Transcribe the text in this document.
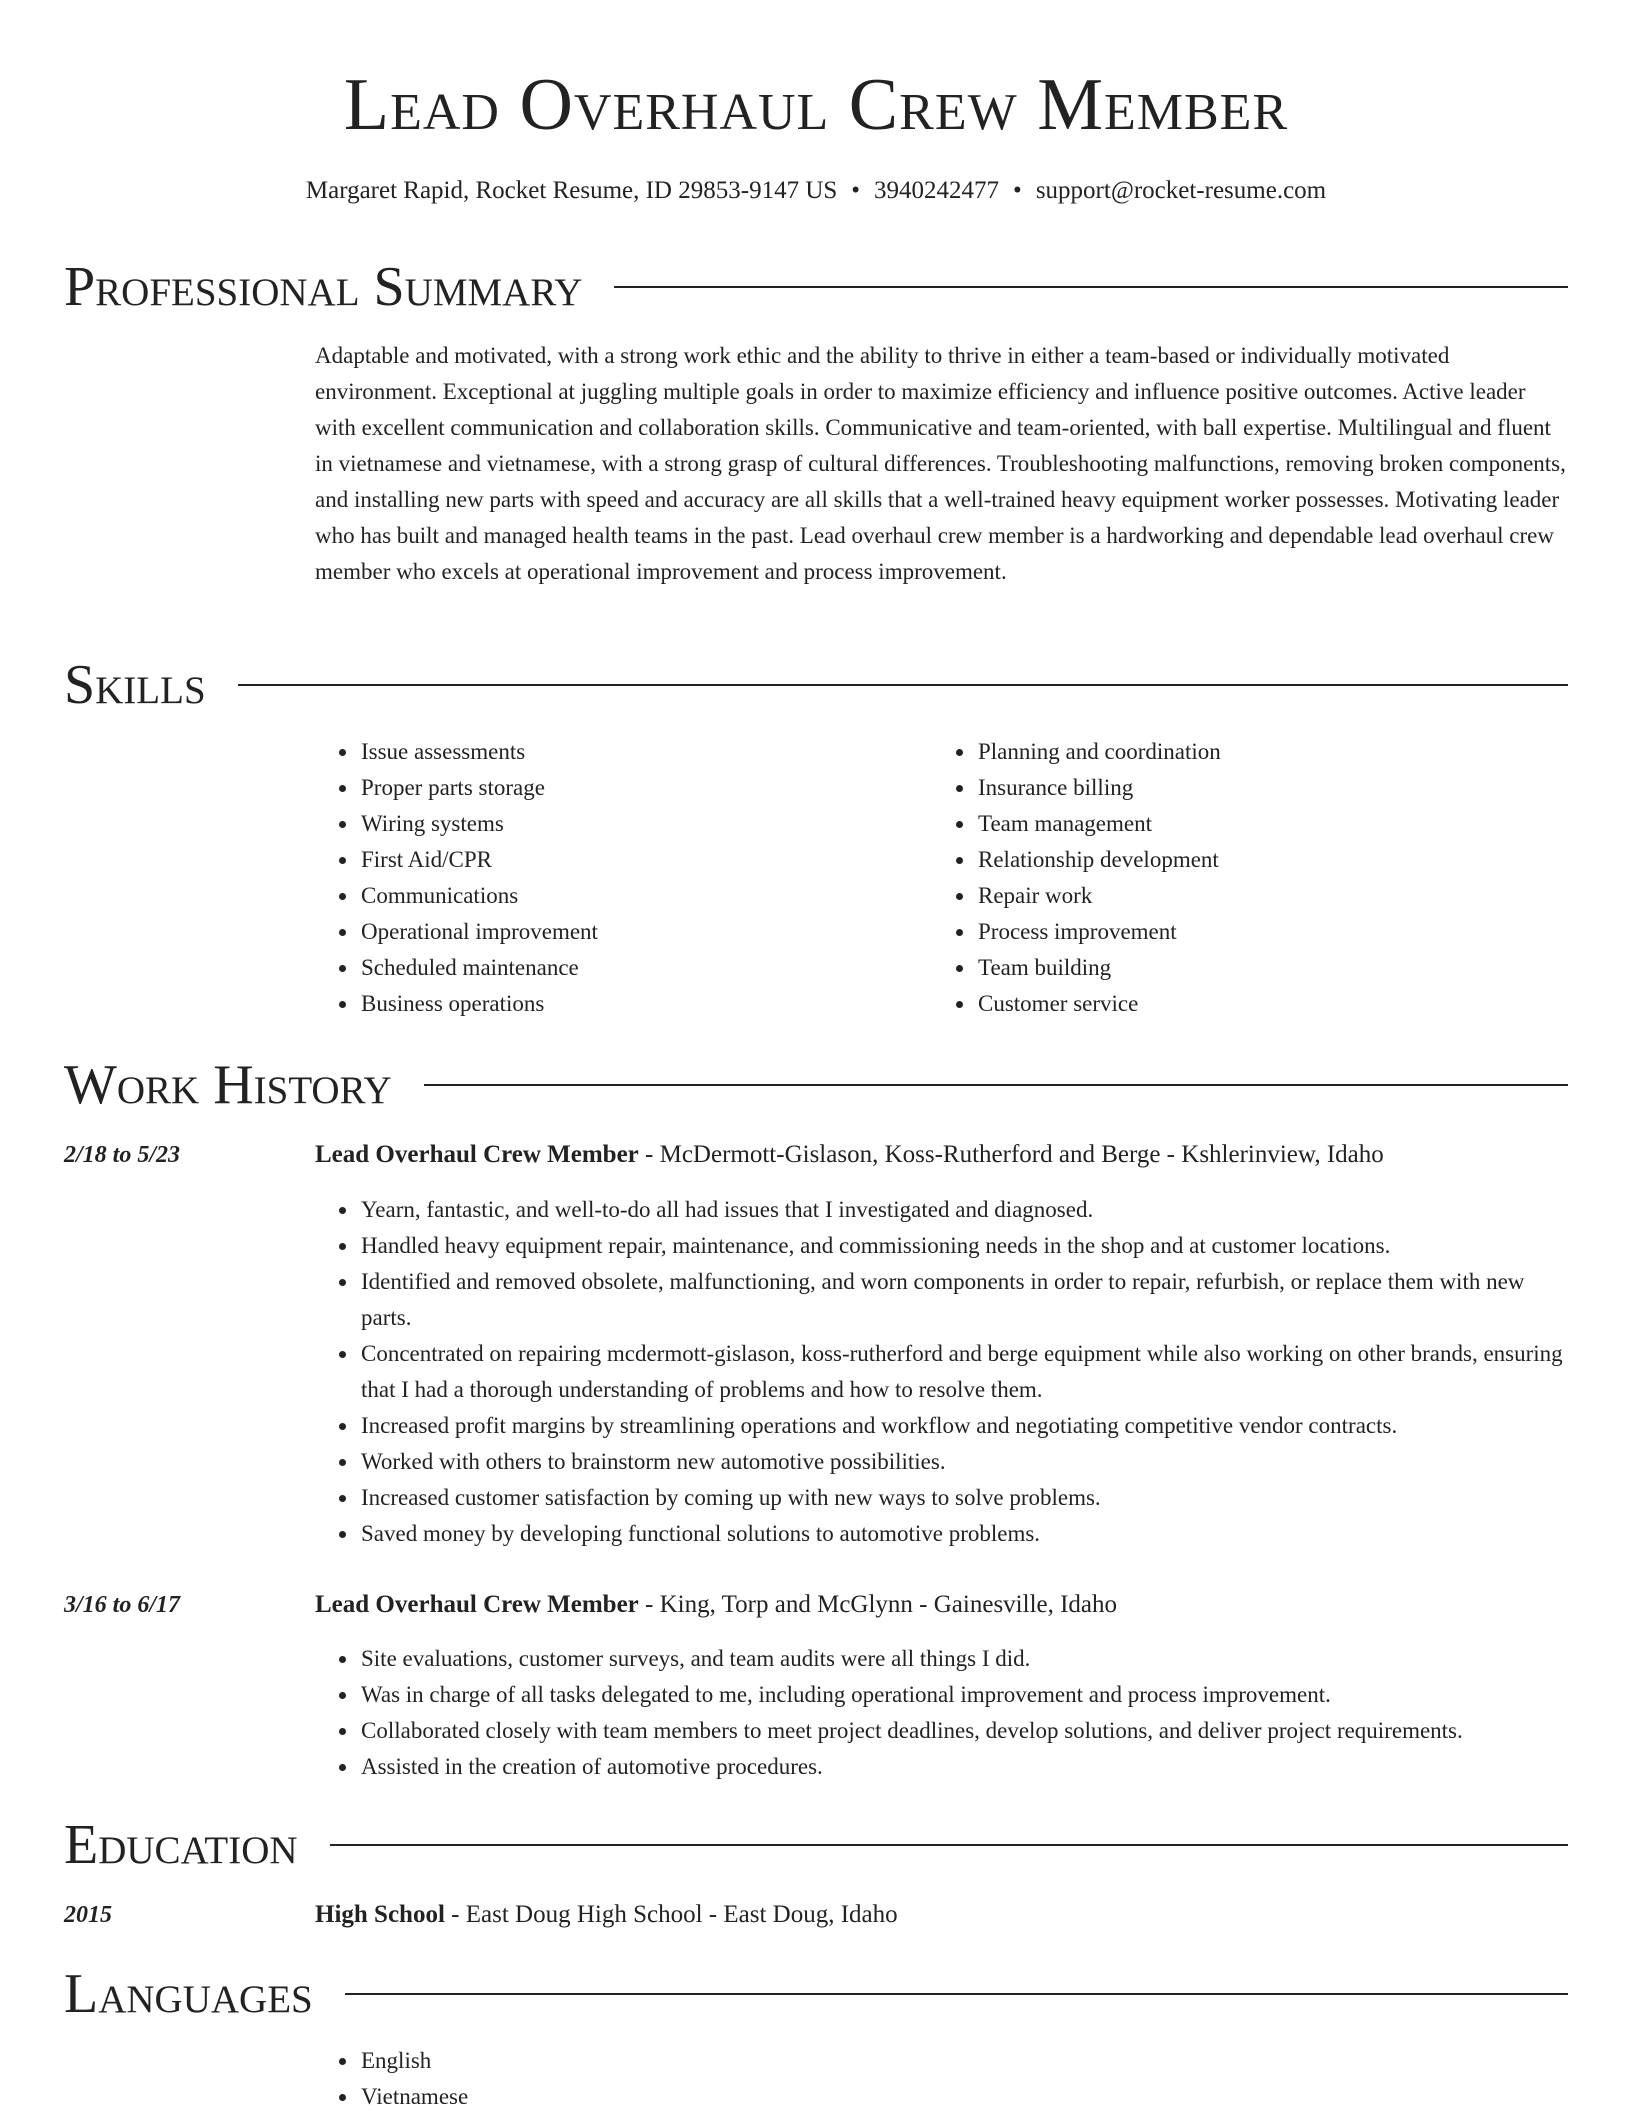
Lead Overhaul Crew Member
Margaret Rapid, Rocket Resume, ID 29853-9147 US • 3940242477 • support@rocket-resume.com
Professional Summary
Adaptable and motivated, with a strong work ethic and the ability to thrive in either a team-based or individually motivated environment. Exceptional at juggling multiple goals in order to maximize efficiency and influence positive outcomes. Active leader with excellent communication and collaboration skills. Communicative and team-oriented, with ball expertise. Multilingual and fluent in vietnamese and vietnamese, with a strong grasp of cultural differences. Troubleshooting malfunctions, removing broken components, and installing new parts with speed and accuracy are all skills that a well-trained heavy equipment worker possesses. Motivating leader who has built and managed health teams in the past. Lead overhaul crew member is a hardworking and dependable lead overhaul crew member who excels at operational improvement and process improvement.
Skills
• Issue assessments
• Proper parts storage
• Wiring systems
• First Aid/CPR
• Communications
• Operational improvement
• Scheduled maintenance
• Business operations
• Planning and coordination
• Insurance billing
• Team management
• Relationship development
• Repair work
• Process improvement
• Team building
• Customer service
Work History
2/18 to 5/23	Lead Overhaul Crew Member - McDermott-Gislason, Koss-Rutherford and Berge - Kshlerinview, Idaho
• Yearn, fantastic, and well-to-do all had issues that I investigated and diagnosed.
• Handled heavy equipment repair, maintenance, and commissioning needs in the shop and at customer locations.
• Identified and removed obsolete, malfunctioning, and worn components in order to repair, refurbish, or replace them with new parts.
• Concentrated on repairing mcdermott-gislason, koss-rutherford and berge equipment while also working on other brands, ensuring that I had a thorough understanding of problems and how to resolve them.
• Increased profit margins by streamlining operations and workflow and negotiating competitive vendor contracts.
• Worked with others to brainstorm new automotive possibilities.
• Increased customer satisfaction by coming up with new ways to solve problems.
• Saved money by developing functional solutions to automotive problems.
3/16 to 6/17	Lead Overhaul Crew Member - King, Torp and McGlynn - Gainesville, Idaho
• Site evaluations, customer surveys, and team audits were all things I did.
• Was in charge of all tasks delegated to me, including operational improvement and process improvement.
• Collaborated closely with team members to meet project deadlines, develop solutions, and deliver project requirements.
• Assisted in the creation of automotive procedures.
Education
2015	High School - East Doug High School - East Doug, Idaho
Languages
• English
• Vietnamese
